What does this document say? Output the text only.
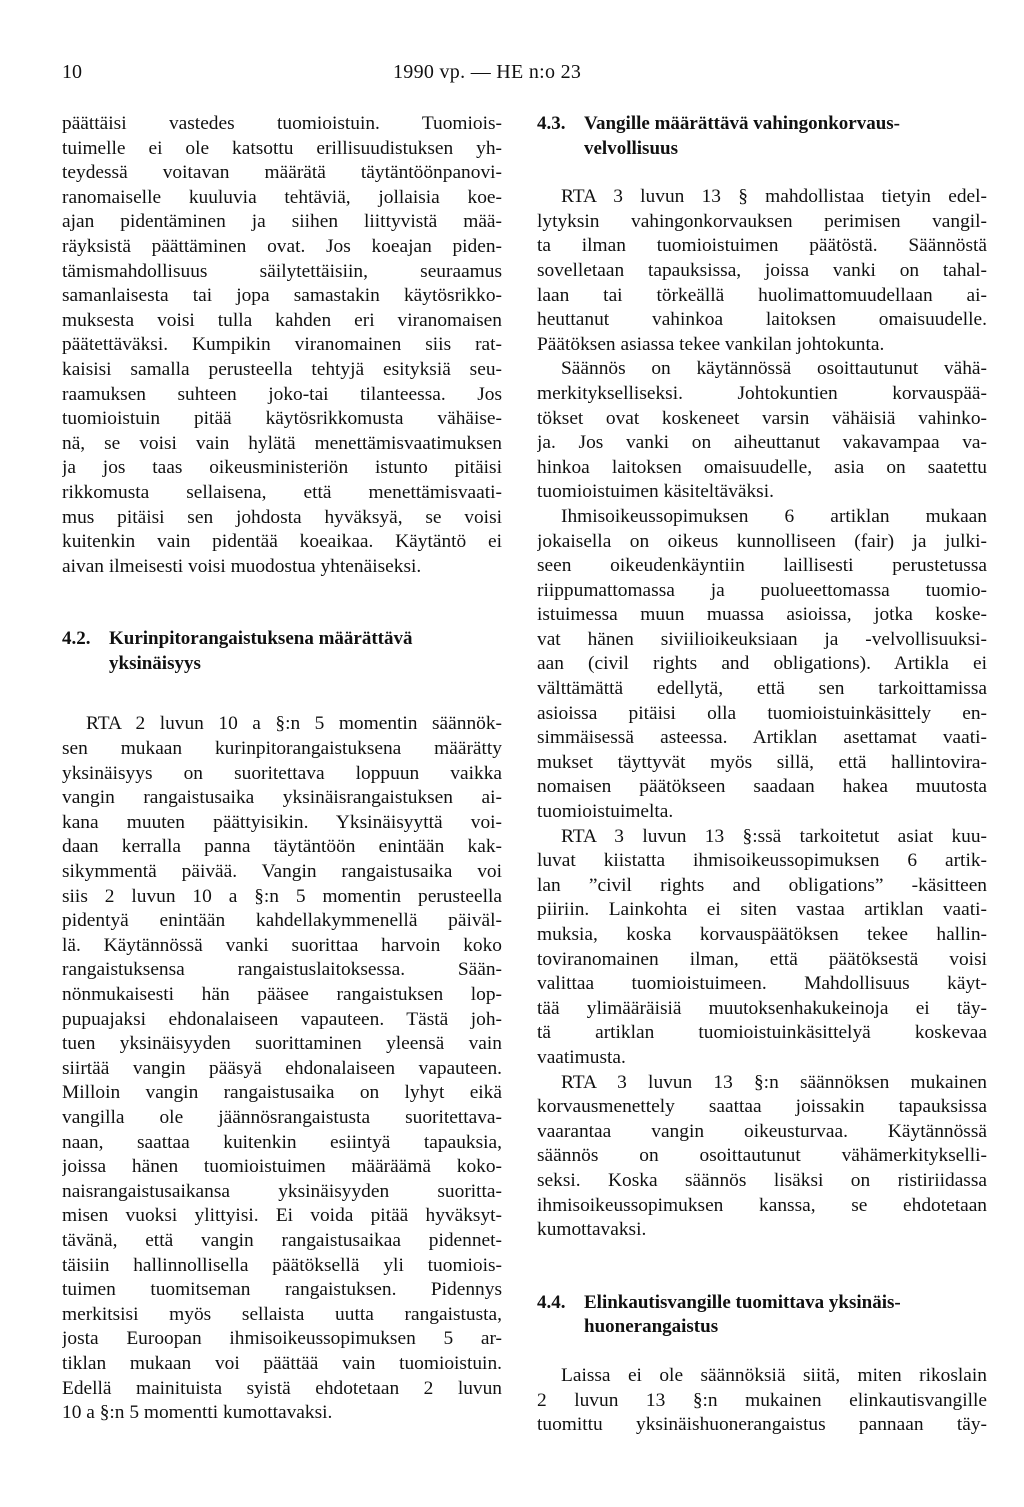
10	1990 vp. — HE n:o 23
päättäisi vastedes tuomioistuin. Tuomiois-
tuimelle ei ole katsottu erillisuudistuksen yh-
teydessä voitavan määrätä täytäntöönpanovi-
ranomaiselle kuuluvia tehtäviä, jollaisia koe-
ajan pidentäminen ja siihen liittyvistä mää-
räyksistä päättäminen ovat. Jos koeajan piden-
tämismahdollisuus säilytettäisiin, seuraamus
samanlaisesta tai jopa samastakin käytösrikko-
muksesta voisi tulla kahden eri viranomaisen
päätettäväksi. Kumpikin viranomainen siis rat-
kaisisi samalla perusteella tehtyjä esityksiä seu-
raamuksen suhteen joko-tai tilanteessa. Jos
tuomioistuin pitää käytösrikkomusta vähäise-
nä, se voisi vain hylätä menettämisvaatimuksen
ja jos taas oikeusministeriön istunto pitäisi
rikkomusta sellaisena, että menettämisvaati-
mus pitäisi sen johdosta hyväksyä, se voisi
kuitenkin vain pidentää koeaikaa. Käytäntö ei
aivan ilmeisesti voisi muodostua yhtenäiseksi.
4.2. Kurinpitorangaistuksena määrättävä
yksinäisyys
RTA 2 luvun 10 a §:n 5 momentin säännök-
sen mukaan kurinpitorangaistuksena määrätty
yksinäisyys on suoritettava loppuun vaikka
vangin rangaistusaika yksinäisrangaistuksen ai-
kana muuten päättyisikin. Yksinäisyyttä voi-
daan kerralla panna täytäntöön enintään kak-
sikymmentä päivää. Vangin rangaistusaika voi
siis 2 luvun 10 a §:n 5 momentin perusteella
pidentyä enintään kahdellakymmenellä päiväl-
lä. Käytännössä vanki suorittaa harvoin koko
rangaistuksensa rangaistuslaitoksessa. Sään-
nönmukaisesti hän pääsee rangaistuksen lop-
pupuajaksi ehdonalaiseen vapauteen. Tästä joh-
tuen yksinäisyyden suorittaminen yleensä vain
siirtää vangin pääsyä ehdonalaiseen vapauteen.
Milloin vangin rangaistusaika on lyhyt eikä
vangilla ole jäännösrangaistusta suoritettava-
naan, saattaa kuitenkin esiintyä tapauksia,
joissa hänen tuomioistuimen määräämä koko-
naisrangaistusaikansa yksinäisyyden suoritta-
misen vuoksi ylittyisi. Ei voida pitää hyväksyt-
tävänä, että vangin rangaistusaikaa pidennet-
täisiin hallinnollisella päätöksellä yli tuomiois-
tuimen tuomitseman rangaistuksen. Pidennys
merkitsisi myös sellaista uutta rangaistusta,
josta Euroopan ihmisoikeussopimuksen 5 ar-
tiklan mukaan voi päättää vain tuomioistuin.
Edellä mainituista syistä ehdotetaan 2 luvun
10 a §:n 5 momentti kumottavaksi.
4.3. Vangille määrättävä vahingonkorvaus-
velvollisuus
RTA 3 luvun 13 § mahdollistaa tietyin edel-
lytyksin vahingonkorvauksen perimisen vangil-
ta ilman tuomioistuimen päätöstä. Säännöstä
sovelletaan tapauksissa, joissa vanki on tahal-
laan tai törkeällä huolimattomuudellaan ai-
heuttanut vahinkoa laitoksen omaisuudelle.
Päätöksen asiassa tekee vankilan johtokunta.
Säännös on käytännössä osoittautunut vähä-
merkitykselliseksi. Johtokuntien korvauspää-
tökset ovat koskeneet varsin vähäisiä vahinko-
ja. Jos vanki on aiheuttanut vakavampaa va-
hinkoa laitoksen omaisuudelle, asia on saatettu
tuomioistuimen käsiteltäväksi.
Ihmisoikeussopimuksen 6 artiklan mukaan
jokaisella on oikeus kunnolliseen (fair) ja julki-
seen oikeudenkäyntiin laillisesti perustetussa
riippumattomassa ja puolueettomassa tuomio-
istuimessa muun muassa asioissa, jotka koske-
vat hänen siviilioikeuksiaan ja -velvollisuuksi-
aan (civil rights and obligations). Artikla ei
välttämättä edellytä, että sen tarkoittamissa
asioissa pitäisi olla tuomioistuinkäsittely en-
simmäisessä asteessa. Artiklan asettamat vaati-
mukset täyttyvät myös sillä, että hallintovira-
nomaisen päätökseen saadaan hakea muutosta
tuomioistuimelta.
RTA 3 luvun 13 §:ssä tarkoitetut asiat kuu-
luvat kiistatta ihmisoikeussopimuksen 6 artik-
lan ”civil rights and obligations” -käsitteen
piiriin. Lainkohta ei siten vastaa artiklan vaati-
muksia, koska korvauspäätöksen tekee hallin-
toviranomainen ilman, että päätöksestä voisi
valittaa tuomioistuimeen. Mahdollisuus käyt-
tää ylimääräisiä muutoksenhakukeinoja ei täy-
tä artiklan tuomioistuinkäsittelyä koskevaa
vaatimusta.
RTA 3 luvun 13 §:n säännöksen mukainen
korvausmenettely saattaa joissakin tapauksissa
vaarantaa vangin oikeusturvaa. Käytännössä
säännös on osoittautunut vähämerkitykselli-
seksi. Koska säännös lisäksi on ristiriidassa
ihmisoikeussopimuksen kanssa, se ehdotetaan
kumottavaksi.
4.4. Elinkautisvangille tuomittava yksinäis-
huonerangaistus
Laissa ei ole säännöksiä siitä, miten rikoslain
2 luvun 13 §:n mukainen elinkautisvangille
tuomittu yksinäishuonerangaistus pannaan täy-
